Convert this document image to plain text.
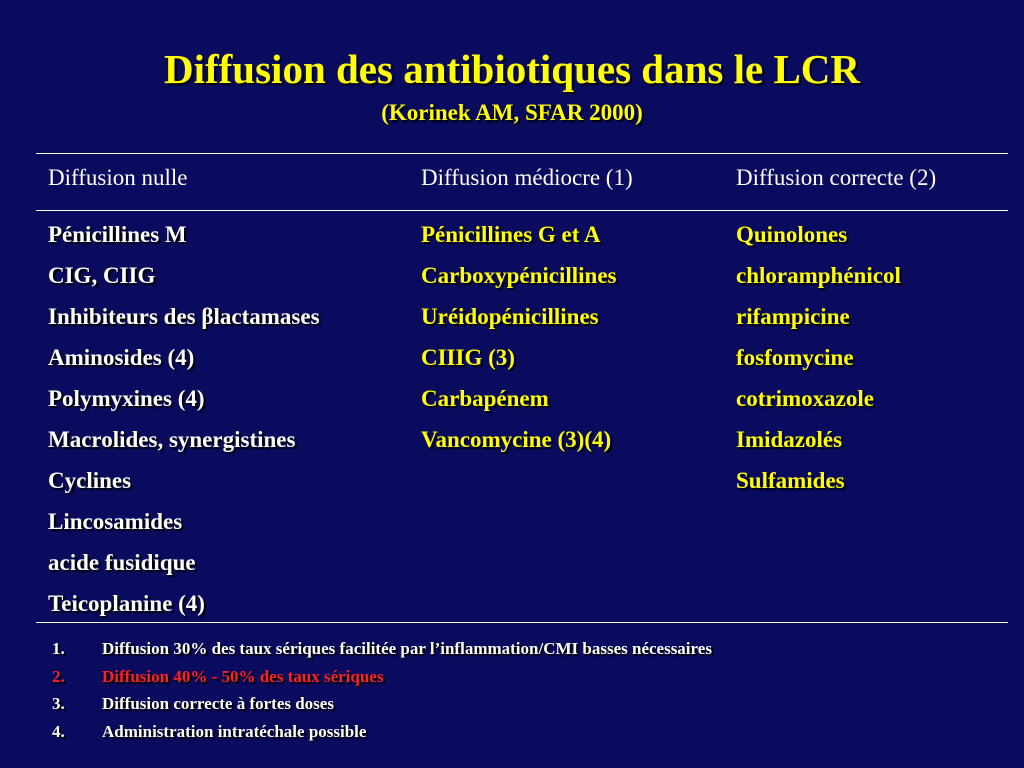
Diffusion des antibiotiques dans le LCR
(Korinek AM, SFAR 2000)
Diffusion nulle	Diffusion médiocre (1)	Diffusion correcte (2)
Pénicillines M
CIG, CIIG
Inhibiteurs des βlactamases
Aminosides (4)
Polymyxines (4)
Macrolides, synergistines
Cyclines
Lincosamides
acide fusidique
Teicoplanine (4)
Pénicillines G et A
Carboxypénicillines
Uréidopénicillines
CIIIG (3)
Carbapénem
Vancomycine (3)(4)
Quinolones
chloramphénicol
rifampicine
fosfomycine
cotrimoxazole
Imidazolés
Sulfamides
1. Diffusion 30% des taux sériques facilitée par l’inflammation/CMI basses nécessaires
2. Diffusion 40% - 50% des taux sériques
3. Diffusion correcte à fortes doses
4. Administration intratéchale possible
